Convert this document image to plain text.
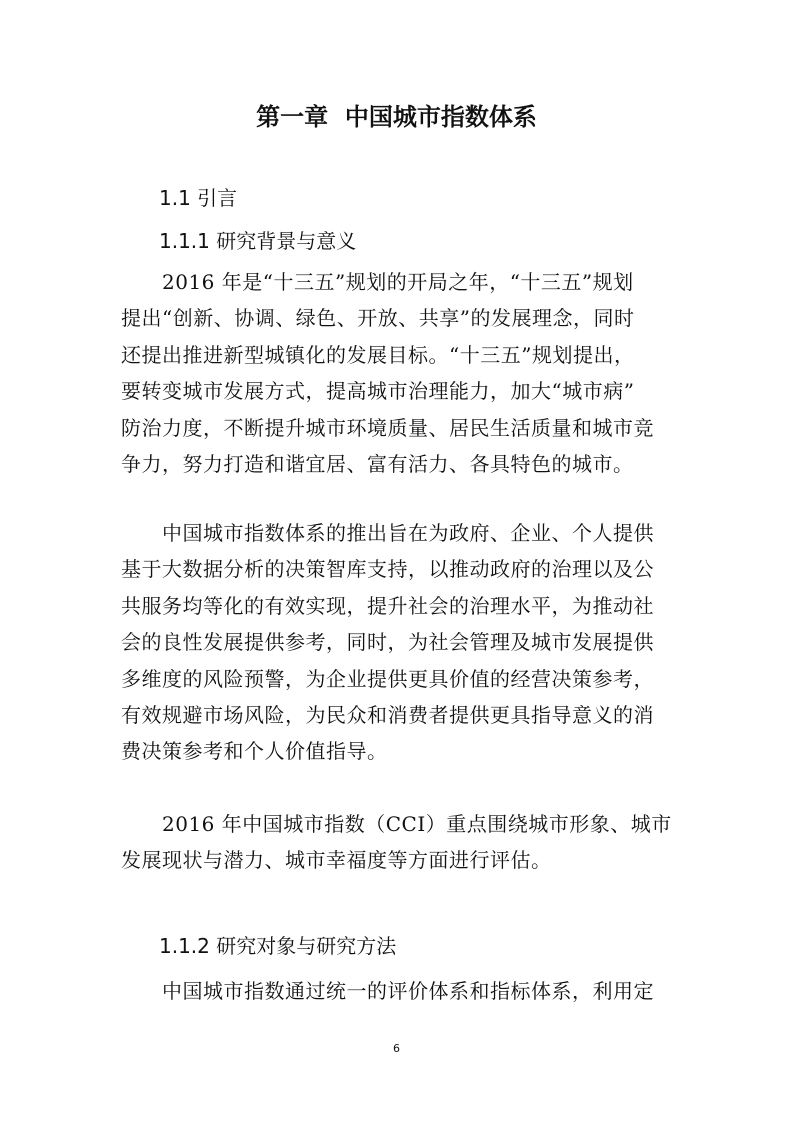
第一章  中国城市指数体系
1.1 引言
1.1.1 研究背景与意义
　　2016 年是“十三五”规划的开局之年，“十三五”规划
提出“创新、协调、绿色、开放、共享”的发展理念，同时
还提出推进新型城镇化的发展目标。“十三五”规划提出，
要转变城市发展方式，提高城市治理能力，加大“城市病”
防治力度，不断提升城市环境质量、居民生活质量和城市竞
争力，努力打造和谐宜居、富有活力、各具特色的城市。
　　中国城市指数体系的推出旨在为政府、企业、个人提供
基于大数据分析的决策智库支持，以推动政府的治理以及公
共服务均等化的有效实现，提升社会的治理水平，为推动社
会的良性发展提供参考，同时，为社会管理及城市发展提供
多维度的风险预警，为企业提供更具价值的经营决策参考，
有效规避市场风险，为民众和消费者提供更具指导意义的消
费决策参考和个人价值指导。
　　2016 年中国城市指数（CCI）重点围绕城市形象、城市
发展现状与潜力、城市幸福度等方面进行评估。
1.1.2 研究对象与研究方法
　　中国城市指数通过统一的评价体系和指标体系，利用定
6
